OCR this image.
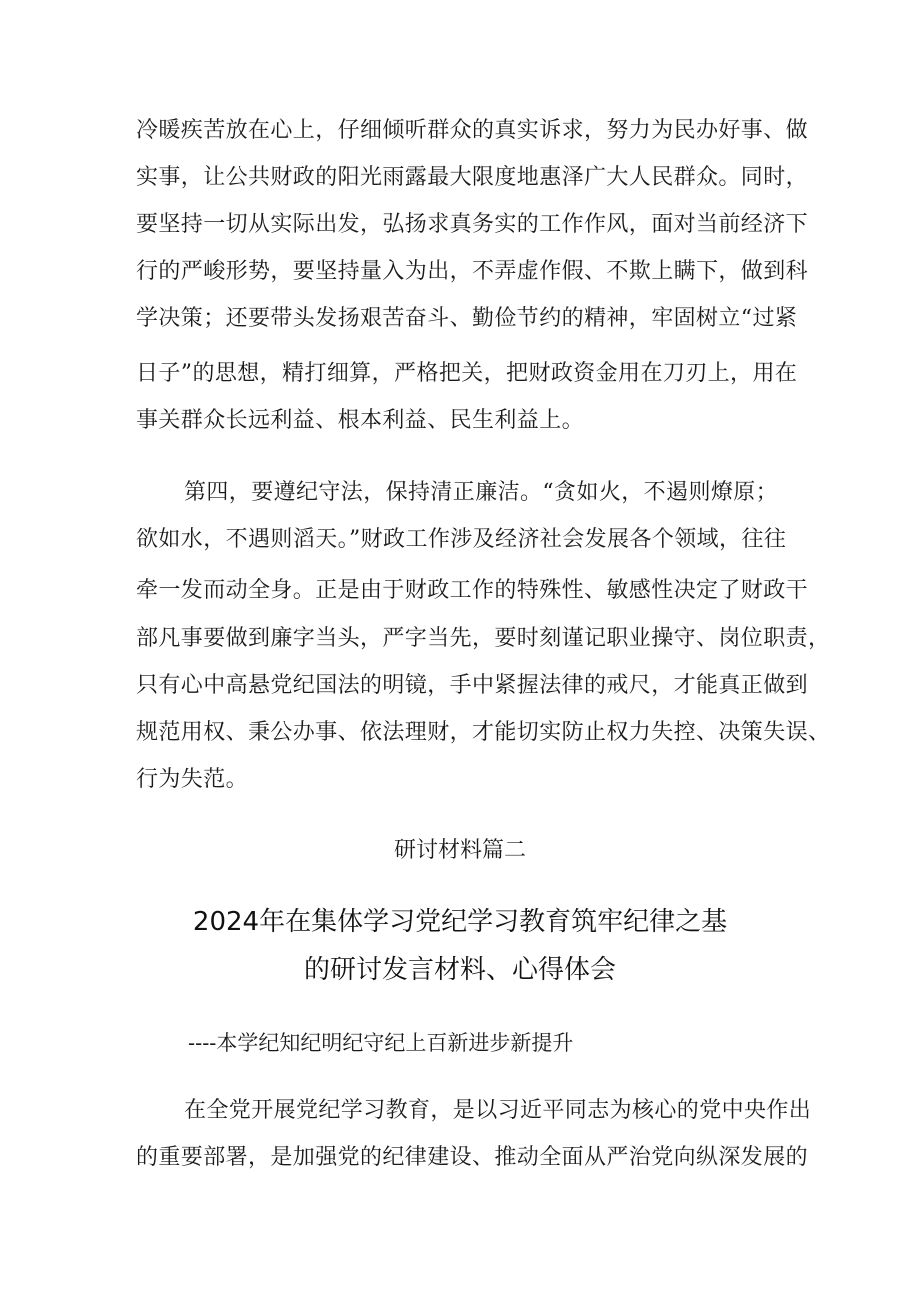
冷暖疾苦放在心上，仔细倾听群众的真实诉求，努力为民办好事、做
实事，让公共财政的阳光雨露最大限度地惠泽广大人民群众。同时，
要坚持一切从实际出发，弘扬求真务实的工作作风，面对当前经济下
行的严峻形势，要坚持量入为出，不弄虚作假、不欺上瞒下，做到科
学决策；还要带头发扬艰苦奋斗、勤俭节约的精神，牢固树立“过紧
日子”的思想，精打细算，严格把关，把财政资金用在刀刃上，用在
事关群众长远利益、根本利益、民生利益上。
第四，要遵纪守法，保持清正廉洁。“贪如火，不遏则燎原；
欲如水，不遇则滔天。”财政工作涉及经济社会发展各个领域，往往
牵一发而动全身。正是由于财政工作的特殊性、敏感性决定了财政干
部凡事要做到廉字当头，严字当先，要时刻谨记职业操守、岗位职责，
只有心中高悬党纪国法的明镜，手中紧握法律的戒尺，才能真正做到
规范用权、秉公办事、依法理财，才能切实防止权力失控、决策失误、
行为失范。
研讨材料篇二
2024年在集体学习党纪学习教育筑牢纪律之基
的研讨发言材料、心得体会
----本学纪知纪明纪守纪上百新进步新提升
在全党开展党纪学习教育，是以习近平同志为核心的党中央作出
的重要部署，是加强党的纪律建设、推动全面从严治党向纵深发展的
